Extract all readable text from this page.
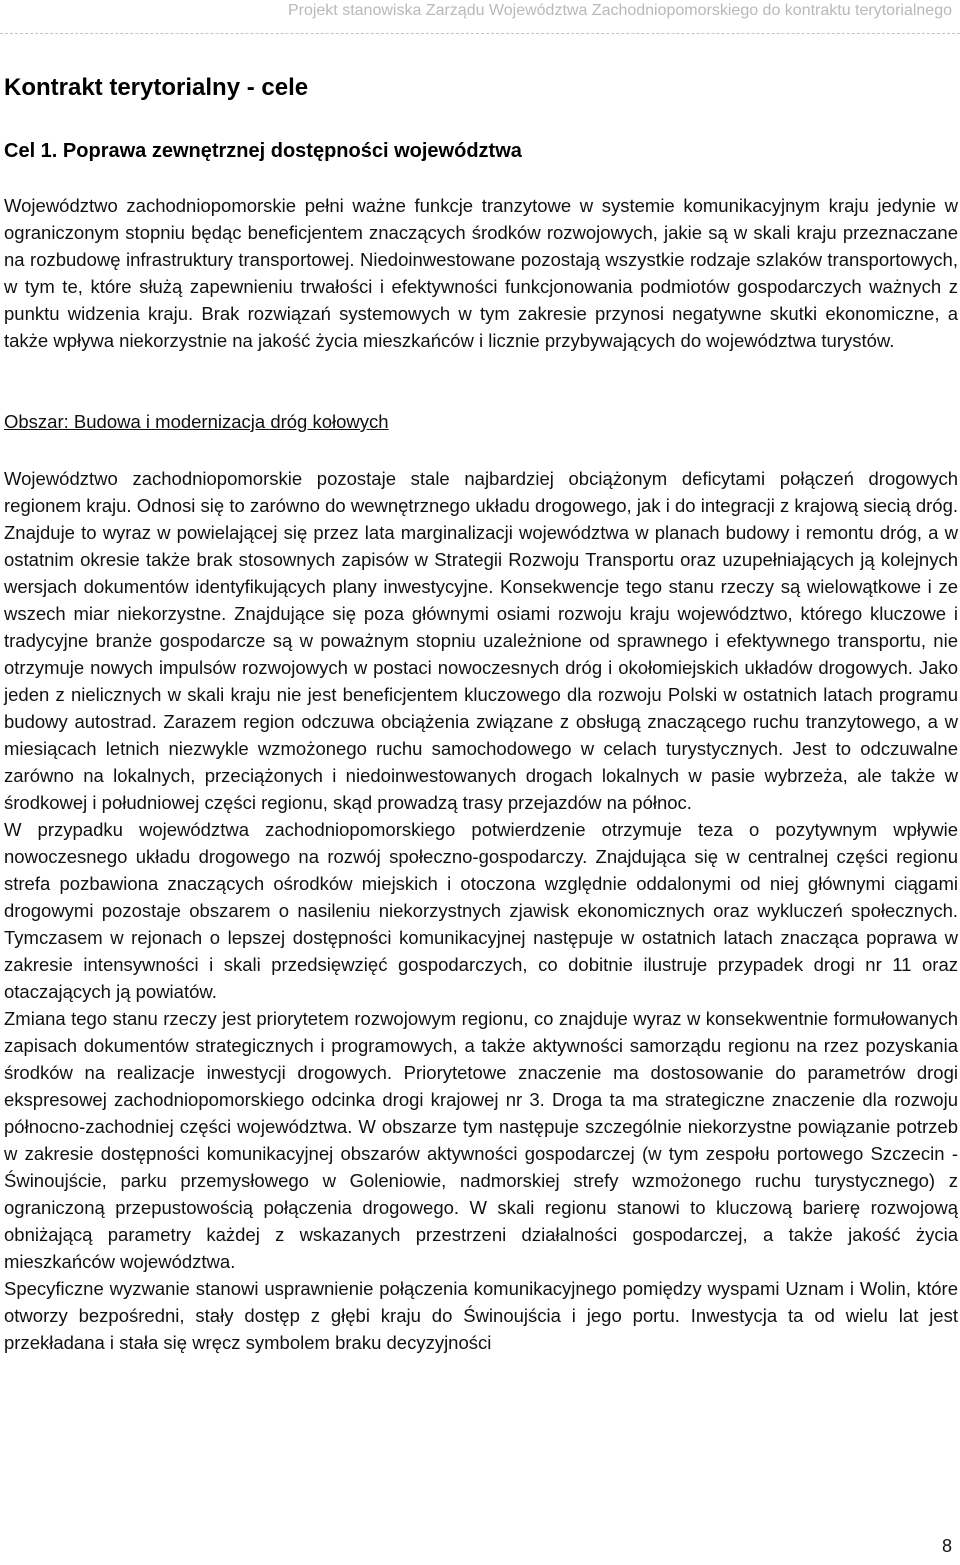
Projekt stanowiska Zarządu Województwa Zachodniopomorskiego do kontraktu terytorialnego
Kontrakt terytorialny - cele
Cel 1. Poprawa zewnętrznej dostępności województwa

Województwo zachodniopomorskie pełni ważne funkcje tranzytowe w systemie komunikacyjnym kraju jedynie w ograniczonym stopniu będąc beneficjentem znaczących środków rozwojowych, jakie są w skali kraju przeznaczane na rozbudowę infrastruktury transportowej. Niedoinwestowane pozostają wszystkie rodzaje szlaków transportowych, w tym te, które służą zapewnieniu trwałości i efektywności funkcjonowania podmiotów gospodarczych ważnych z punktu widzenia kraju. Brak rozwiązań systemowych w tym zakresie przynosi negatywne skutki ekonomiczne, a także wpływa niekorzystnie na jakość życia mieszkańców i licznie przybywających do województwa turystów.

Obszar: Budowa i modernizacja dróg kołowych

Województwo zachodniopomorskie pozostaje stale najbardziej obciążonym deficytami połączeń drogowych regionem kraju. Odnosi się to zarówno do wewnętrznego układu drogowego, jak i do integracji z krajową siecią dróg. Znajduje to wyraz w powielającej się przez lata marginalizacji województwa w planach budowy i remontu dróg, a w ostatnim okresie także brak stosownych zapisów w Strategii Rozwoju Transportu oraz uzupełniających ją kolejnych wersjach dokumentów identyfikujących plany inwestycyjne. Konsekwencje tego stanu rzeczy są wielowątkowe i ze wszech miar niekorzystne. Znajdujące się poza głównymi osiami rozwoju kraju województwo, którego kluczowe i tradycyjne branże gospodarcze są w poważnym stopniu uzależnione od sprawnego i efektywnego transportu, nie otrzymuje nowych impulsów rozwojowych w postaci nowoczesnych dróg i okołomiejskich układów drogowych. Jako jeden z nielicznych w skali kraju nie jest beneficjentem kluczowego dla rozwoju Polski w ostatnich latach programu budowy autostrad. Zarazem region odczuwa obciążenia związane z obsługą znaczącego ruchu tranzytowego, a w miesiącach letnich niezwykle wzmożonego ruchu samochodowego w celach turystycznych. Jest to odczuwalne zarówno na lokalnych, przeciążonych i niedoinwestowanych drogach lokalnych w pasie wybrzeża, ale także w środkowej i południowej części regionu, skąd prowadzą trasy przejazdów na północ.

W przypadku województwa zachodniopomorskiego potwierdzenie otrzymuje teza o pozytywnym wpływie nowoczesnego układu drogowego na rozwój społeczno-gospodarczy. Znajdująca się w centralnej części regionu strefa pozbawiona znaczących ośrodków miejskich i otoczona względnie oddalonymi od niej głównymi ciągami drogowymi pozostaje obszarem o nasileniu niekorzystnych zjawisk ekonomicznych oraz wykluczeń społecznych. Tymczasem w rejonach o lepszej dostępności komunikacyjnej następuje w ostatnich latach znacząca poprawa w zakresie intensywności i skali przedsięwzięć gospodarczych, co dobitnie ilustruje przypadek drogi nr 11 oraz otaczających ją powiatów.

Zmiana tego stanu rzeczy jest priorytetem rozwojowym regionu, co znajduje wyraz w konsekwentnie formułowanych zapisach dokumentów strategicznych i programowych, a także aktywności samorządu regionu na rzez pozyskania środków na realizacje inwestycji drogowych. Priorytetowe znaczenie ma dostosowanie do parametrów drogi ekspresowej zachodniopomorskiego odcinka drogi krajowej nr 3. Droga ta ma strategiczne znaczenie dla rozwoju północno-zachodniej części województwa. W obszarze tym następuje szczególnie niekorzystne powiązanie potrzeb w zakresie dostępności komunikacyjnej obszarów aktywności gospodarczej (w tym zespołu portowego Szczecin - Świnoujście, parku przemysłowego w Goleniowie, nadmorskiej strefy wzmożonego ruchu turystycznego) z ograniczoną przepustowością połączenia drogowego. W skali regionu stanowi to kluczową barierę rozwojową obniżającą parametry każdej z wskazanych przestrzeni działalności gospodarczej, a także jakość życia mieszkańców województwa.

Specyficzne wyzwanie stanowi usprawnienie połączenia komunikacyjnego pomiędzy wyspami Uznam i Wolin, które otworzy bezpośredni, stały dostęp z głębi kraju do Świnoujścia i jego portu. Inwestycja ta od wielu lat jest przekładana i stała się wręcz symbolem braku decyzyjności

8
